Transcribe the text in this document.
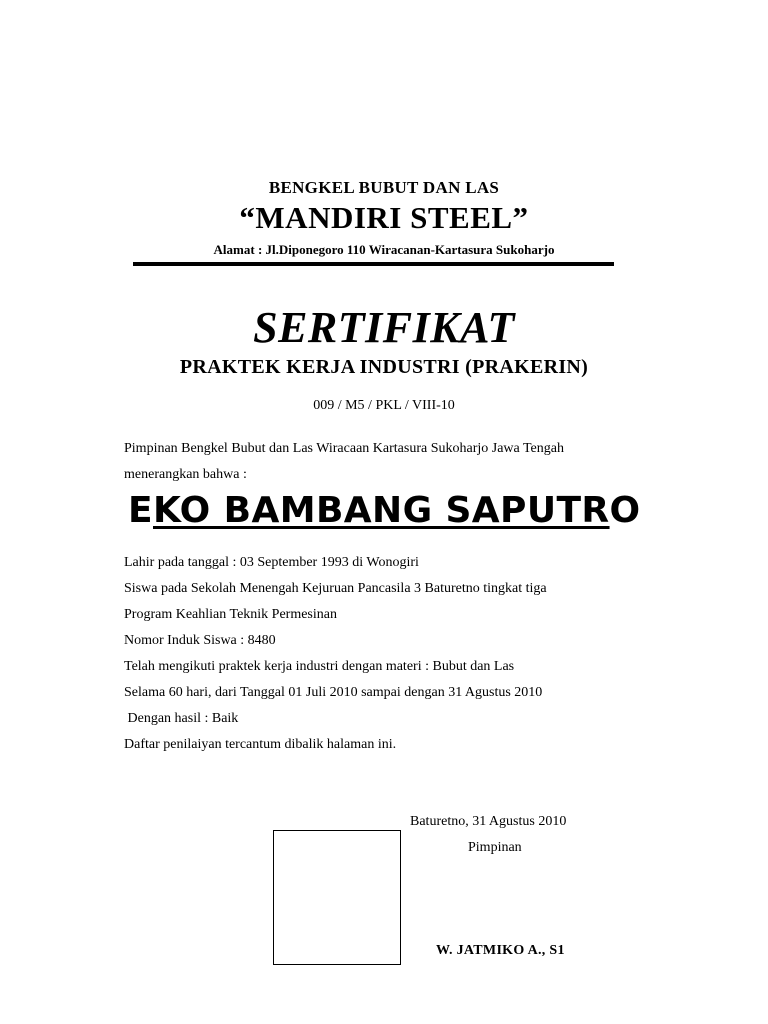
BENGKEL BUBUT DAN LAS
“MANDIRI STEEL”
Alamat : Jl.Diponegoro 110 Wiracanan-Kartasura Sukoharjo
SERTIFIKAT
PRAKTEK KERJA INDUSTRI (PRAKERIN)
009 / M5 / PKL / VIII-10
Pimpinan Bengkel Bubut dan Las Wiracaan Kartasura Sukoharjo Jawa Tengah
menerangkan bahwa :
EKO BAMBANG SAPUTRO
Lahir pada tanggal : 03 September 1993 di Wonogiri
Siswa pada Sekolah Menengah Kejuruan Pancasila 3 Baturetno tingkat tiga
Program Keahlian Teknik Permesinan
Nomor Induk Siswa : 8480
Telah mengikuti praktek kerja industri dengan materi : Bubut dan Las
Selama 60 hari, dari Tanggal 01 Juli 2010 sampai dengan 31 Agustus 2010
Dengan hasil : Baik
Daftar penilaiyan tercantum dibalik halaman ini.
Baturetno, 31 Agustus 2010
Pimpinan
W. JATMIKO A., S1
